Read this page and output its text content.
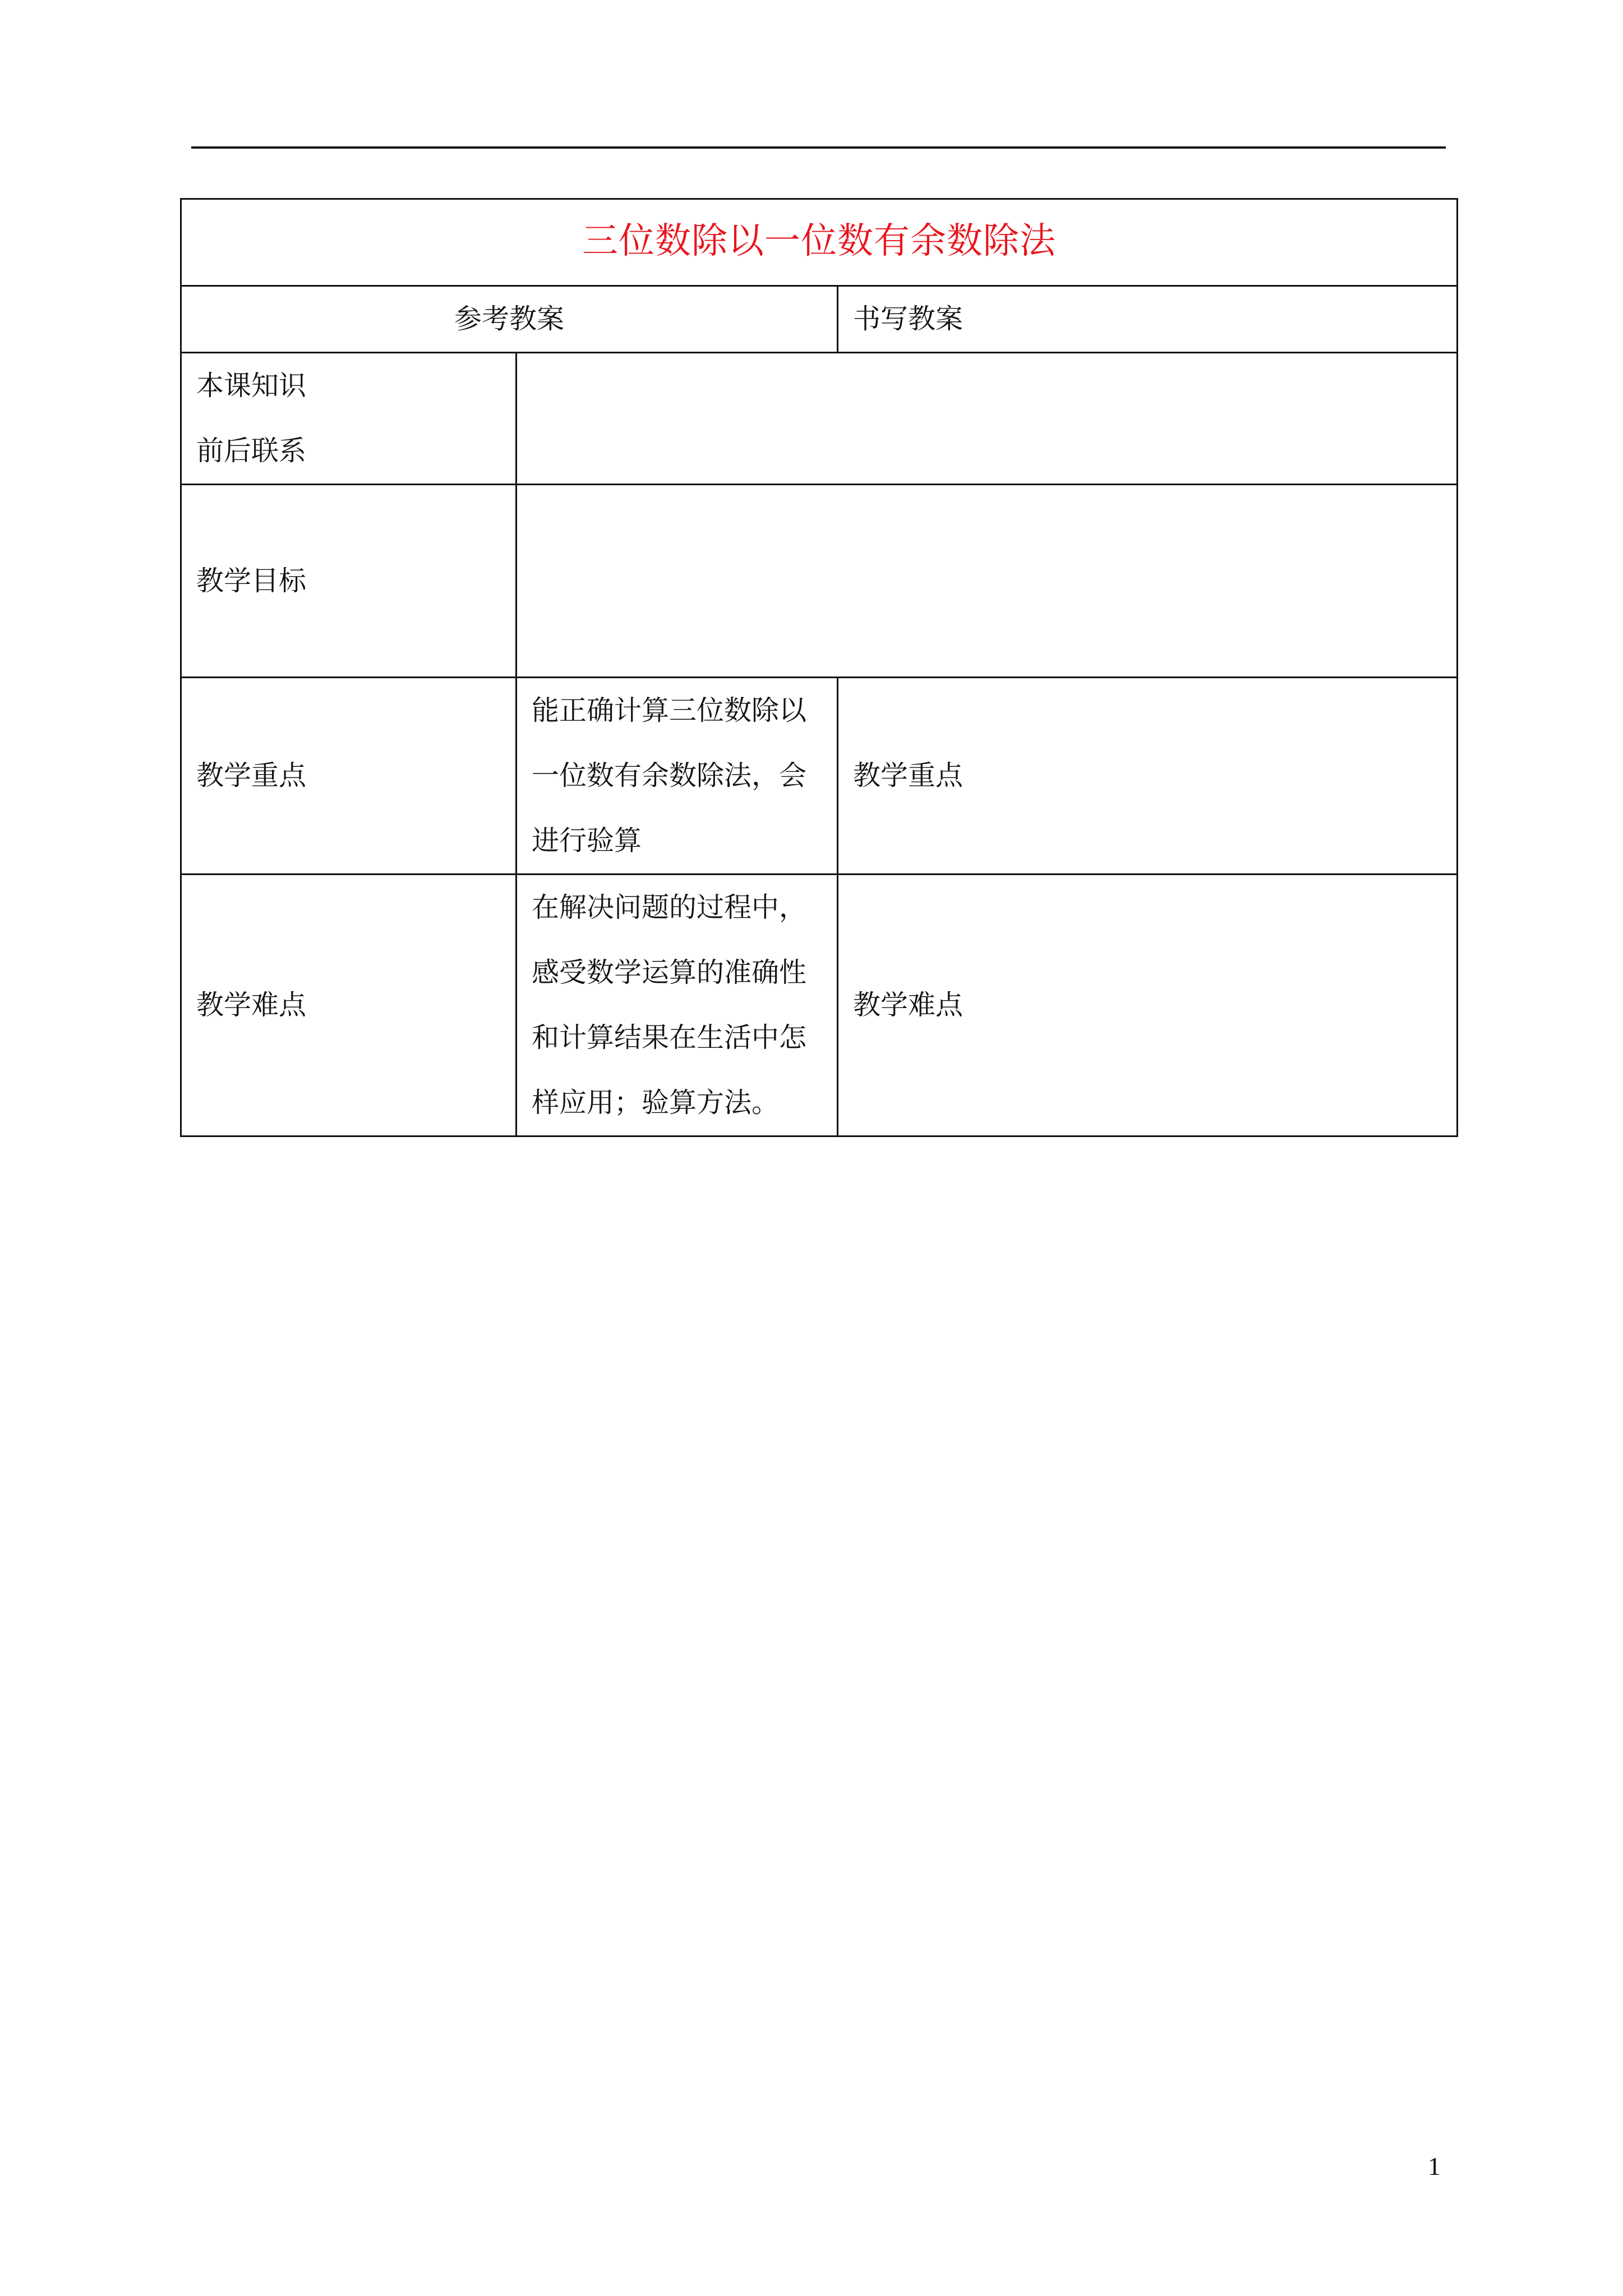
三位数除以一位数有余数除法		
参考教案		书写教案

本课知识
前后联系		

教学目标		
教学重点	能正确计算三位数除以
一位数有余数除法，会
进行验算	教学重点
教学难点	在解决问题的过程中，
感受数学运算的准确性
和计算结果在生活中怎
样应用；验算方法。	教学难点
1
